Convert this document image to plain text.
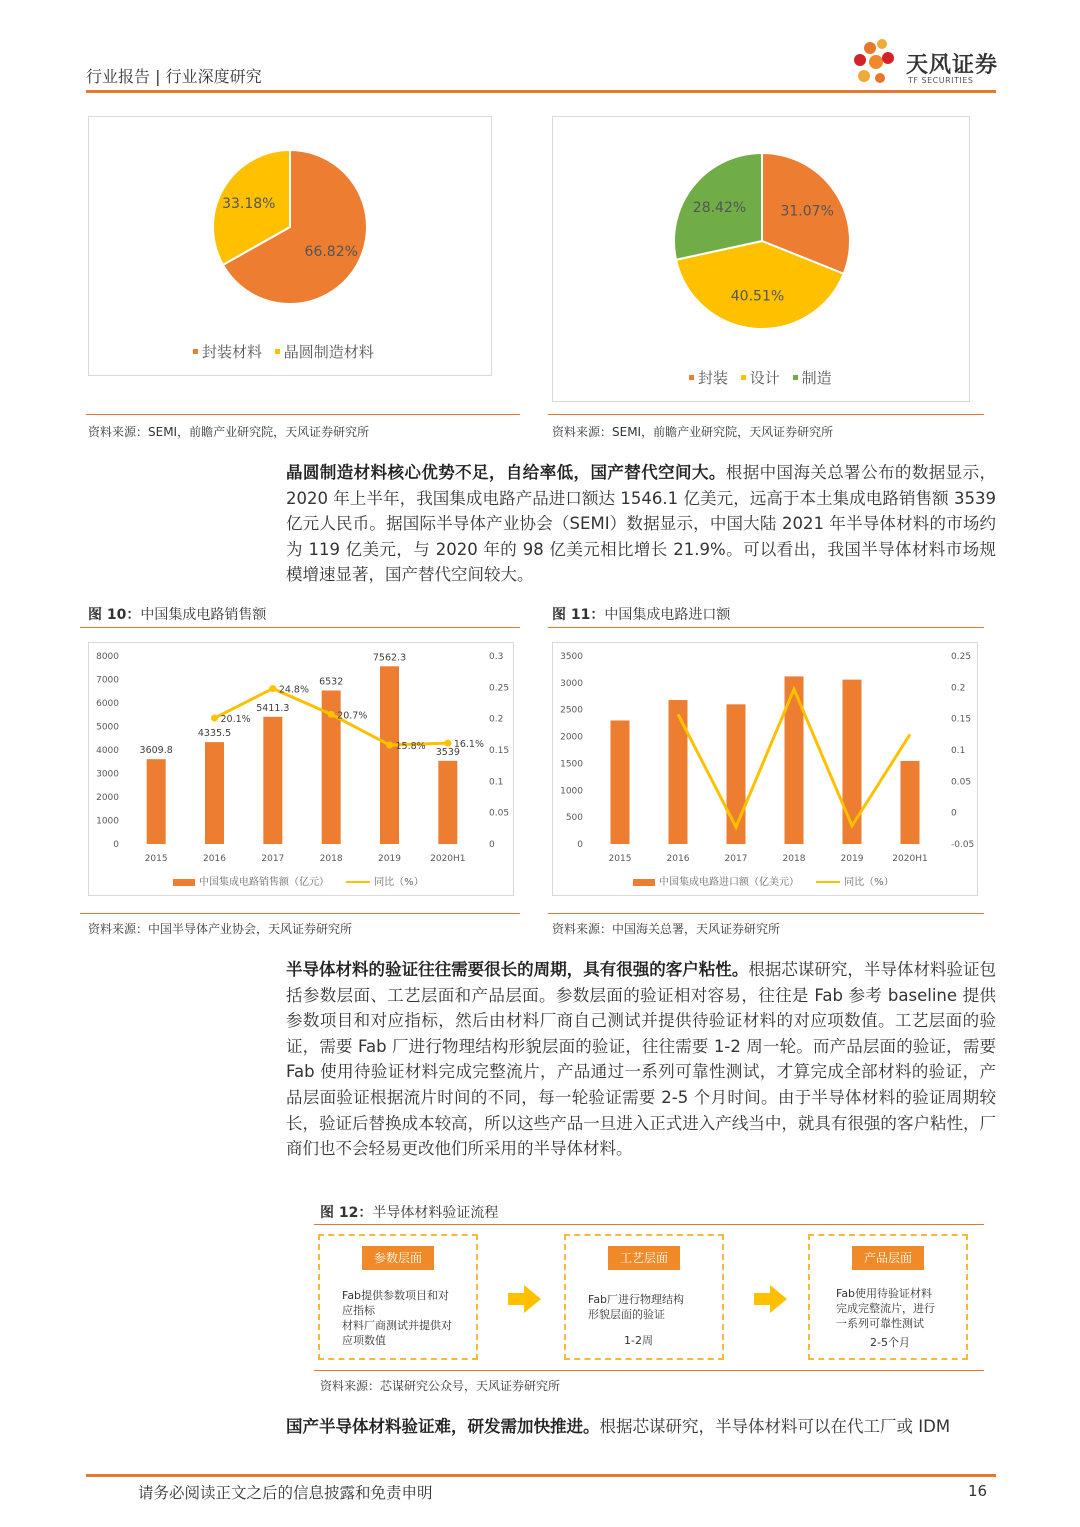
行业报告 | 行业深度研究	天风证券
TF SECURITIES
66.82%
33.18%
封装材料 晶圆制造材料
资料来源：SEMI，前瞻产业研究院，天风证券研究所
31.07%
40.51%
28.42%
封装 设计 制造
资料来源：SEMI，前瞻产业研究院，天风证券研究所
晶圆制造材料核心优势不足，自给率低，国产替代空间大。根据中国海关总署公布的数据显示，2020 年上半年，我国集成电路产品进口额达 1546.1 亿美元，远高于本土集成电路销售额 3539 亿元人民币。据国际半导体产业协会（SEMI）数据显示，中国大陆 2021 年半导体材料的市场约为 119 亿美元，与 2020 年的 98 亿美元相比增长 21.9%。可以看出，我国半导体材料市场规模增速显著，国产替代空间较大。
图 10：中国集成电路销售额
0
1000
2000
3000
4000
5000
6000
7000
8000
0
0.05
0.1
0.15
0.2
0.25
0.3
3609.8
2015
4335.5
2016
5411.3
2017
6532
2018
7562.3
2019
3539
2020H1
20.1%
24.8%
20.7%
15.8%	16.1%
中国集成电路销售额（亿元）	同比（%）
资料来源：中国半导体产业协会，天风证券研究所
图 11：中国集成电路进口额
0
500
1000
1500
2000
2500
3000
3500
-0.05
0
0.05
0.1
0.15
0.2
0.25
2015	2016	2017	2018	2019	2020H1
中国集成电路进口额（亿美元）	同比（%）
资料来源：中国海关总署，天风证券研究所
半导体材料的验证往往需要很长的周期，具有很强的客户粘性。根据芯谋研究，半导体材料验证包括参数层面、工艺层面和产品层面。参数层面的验证相对容易，往往是 Fab 参考 baseline 提供参数项目和对应指标，然后由材料厂商自己测试并提供待验证材料的对应项数值。工艺层面的验证，需要 Fab 厂进行物理结构形貌层面的验证，往往需要 1-2 周一轮。而产品层面的验证，需要 Fab 使用待验证材料完成完整流片，产品通过一系列可靠性测试，才算完成全部材料的验证，产品层面验证根据流片时间的不同，每一轮验证需要 2-5 个月时间。由于半导体材料的验证周期较长，验证后替换成本较高，所以这些产品一旦进入正式进入产线当中，就具有很强的客户粘性，厂商们也不会轻易更改他们所采用的半导体材料。
图 12：半导体材料验证流程
参数层面
Fab提供参数项目和对
应指标
材料厂商测试并提供对
应项数值
工艺层面
Fab厂进行物理结构
形貌层面的验证
1-2周
产品层面
Fab使用待验证材料
完成完整流片，进行
一系列可靠性测试
2-5个月
资料来源：芯谋研究公众号，天风证券研究所
国产半导体材料验证难，研发需加快推进。根据芯谋研究，半导体材料可以在代工厂或 IDM
请务必阅读正文之后的信息披露和免责申明	16
